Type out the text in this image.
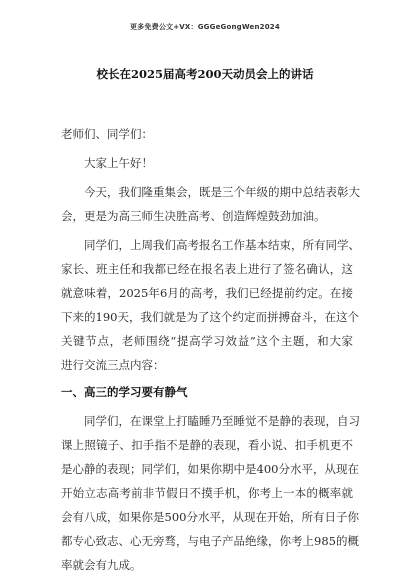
更多免费公文+VX：GGGeGongWen2024
校长在2025届高考200天动员会上的讲话
老师们、同学们：
大家上午好！
今天，我们隆重集会，既是三个年级的期中总结表彰大
会，更是为高三师生决胜高考、创造辉煌鼓劲加油。
同学们，上周我们高考报名工作基本结束，所有同学、
家长、班主任和我都已经在报名表上进行了签名确认，这
就意味着，2025年6月的高考，我们已经提前约定。在接
下来的190天，我们就是为了这个约定而拼搏奋斗，在这个
关键节点，老师围绕“提高学习效益”这个主题，和大家
进行交流三点内容：
一、高三的学习要有静气
同学们，在课堂上打瞌睡乃至睡觉不是静的表现，自习
课上照镜子、扣手指不是静的表现，看小说、扣手机更不
是心静的表现；同学们，如果你期中是400分水平，从现在
开始立志高考前非节假日不摸手机，你考上一本的概率就
会有八成，如果你是500分水平，从现在开始，所有日子你
都专心致志、心无旁骛，与电子产品绝缘，你考上985的概
率就会有九成。
